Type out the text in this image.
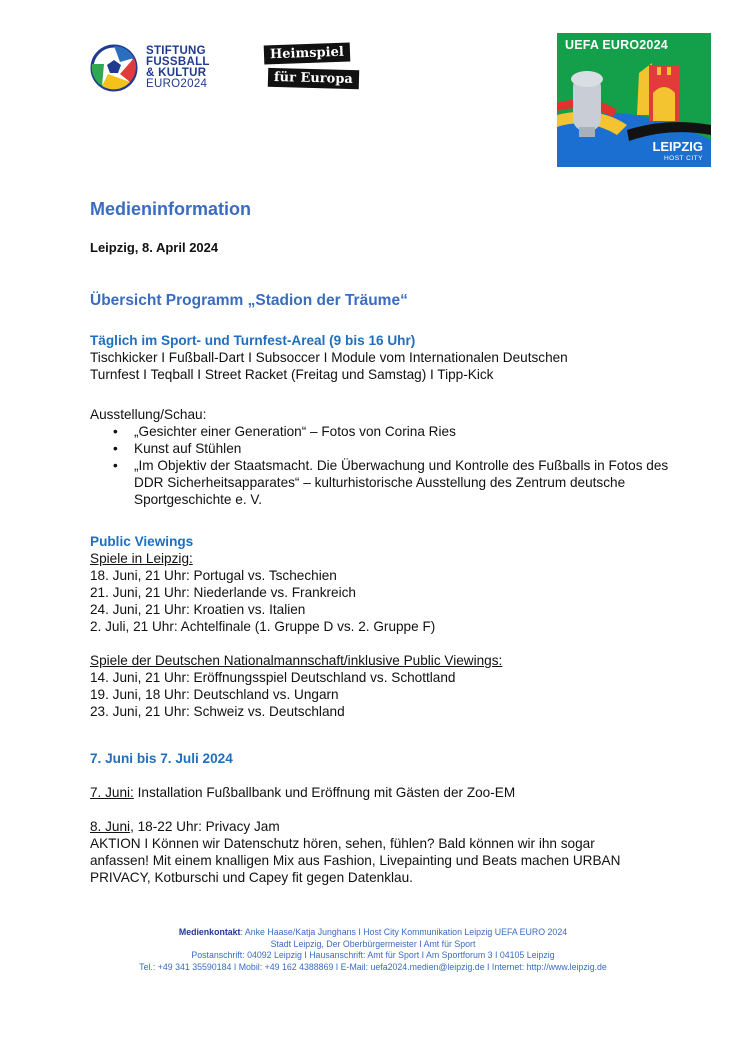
STIFTUNG
FUSSBALL
& KULTUR
EURO2024
Heimspiel
für Europa
UEFA EURO2024
LEIPZIG
HOST CITY
Medieninformation
Leipzig, 8. April 2024
Übersicht Programm „Stadion der Träume“
Täglich im Sport- und Turnfest-Areal (9 bis 16 Uhr)
Tischkicker I Fußball-Dart I Subsoccer I Module vom Internationalen Deutschen
Turnfest I Teqball I Street Racket (Freitag und Samstag) I Tipp-Kick
Ausstellung/Schau:
• „Gesichter einer Generation“ – Fotos von Corina Ries
• Kunst auf Stühlen
• „Im Objektiv der Staatsmacht. Die Überwachung und Kontrolle des Fußballs in Fotos des DDR Sicherheitsapparates“ – kulturhistorische Ausstellung des Zentrum deutsche Sportgeschichte e. V.
Public Viewings
Spiele in Leipzig:
18. Juni, 21 Uhr: Portugal vs. Tschechien
21. Juni, 21 Uhr: Niederlande vs. Frankreich
24. Juni, 21 Uhr: Kroatien vs. Italien
2. Juli, 21 Uhr: Achtelfinale (1. Gruppe D vs. 2. Gruppe F)
Spiele der Deutschen Nationalmannschaft/inklusive Public Viewings:
14. Juni, 21 Uhr: Eröffnungsspiel Deutschland vs. Schottland
19. Juni, 18 Uhr: Deutschland vs. Ungarn
23. Juni, 21 Uhr: Schweiz vs. Deutschland
7. Juni bis 7. Juli 2024
7. Juni: Installation Fußballbank und Eröffnung mit Gästen der Zoo-EM
8. Juni, 18-22 Uhr: Privacy Jam
AKTION I Können wir Datenschutz hören, sehen, fühlen? Bald können wir ihn sogar anfassen! Mit einem knalligen Mix aus Fashion, Livepainting und Beats machen URBAN PRIVACY, Kotburschi und Capey fit gegen Datenklau.
Medienkontakt: Anke Haase/Katja Junghans I Host City Kommunikation Leipzig UEFA EURO 2024
Stadt Leipzig, Der Oberbürgermeister I Amt für Sport
Postanschrift: 04092 Leipzig I Hausanschrift: Amt für Sport I Am Sportforum 3 I 04105 Leipzig
Tel.: +49 341 35590184 I Mobil: +49 162 4388869 I E-Mail: uefa2024.medien@leipzig.de I Internet: http://www.leipzig.de
